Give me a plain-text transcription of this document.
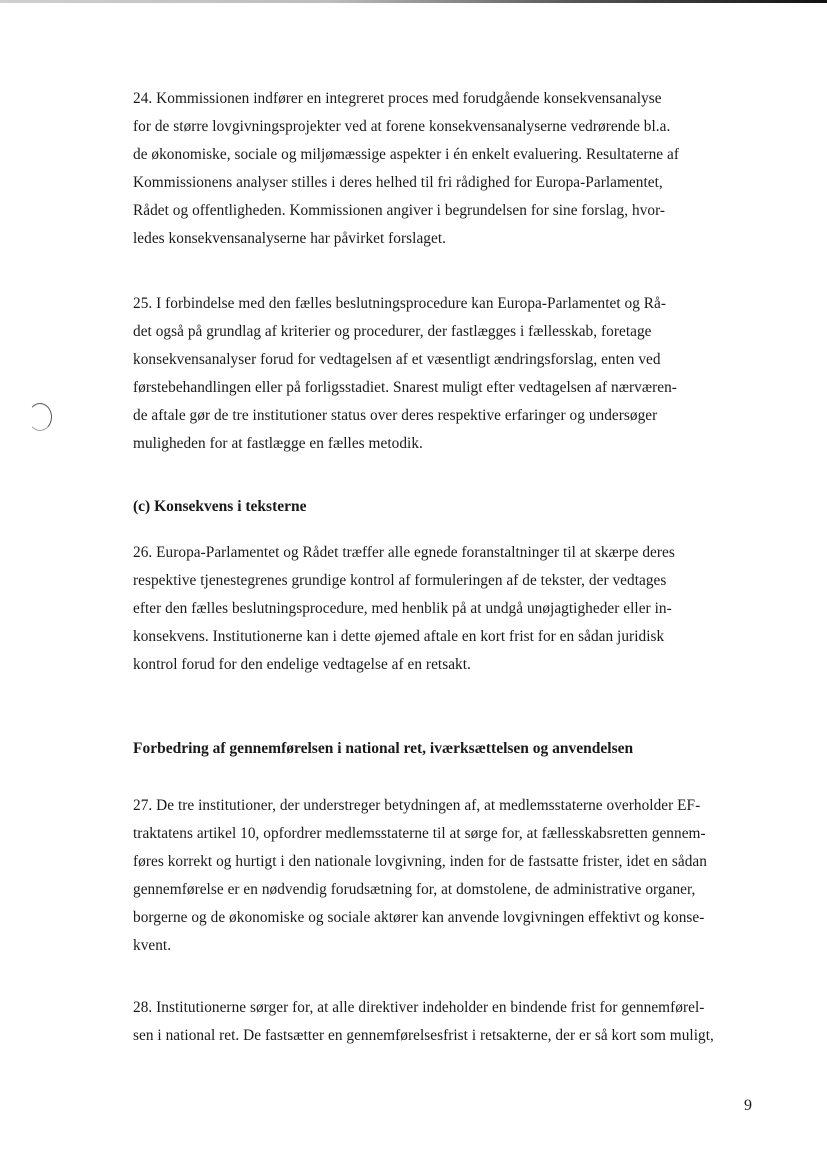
24. Kommissionen indfører en integreret proces med forudgående konsekvensanalyse
for de større lovgivningsprojekter ved at forene konsekvensanalyserne vedrørende bl.a.
de økonomiske, sociale og miljømæssige aspekter i én enkelt evaluering. Resultaterne af
Kommissionens analyser stilles i deres helhed til fri rådighed for Europa-Parlamentet,
Rådet og offentligheden. Kommissionen angiver i begrundelsen for sine forslag, hvor-
ledes konsekvensanalyserne har påvirket forslaget.

25. I forbindelse med den fælles beslutningsprocedure kan Europa-Parlamentet og Rå-
det også på grundlag af kriterier og procedurer, der fastlægges i fællesskab, foretage
konsekvensanalyser forud for vedtagelsen af et væsentligt ændringsforslag, enten ved
førstebehandlingen eller på forligsstadiet. Snarest muligt efter vedtagelsen af nærværen-
de aftale gør de tre institutioner status over deres respektive erfaringer og undersøger
muligheden for at fastlægge en fælles metodik.

(c) Konsekvens i teksterne

26. Europa-Parlamentet og Rådet træffer alle egnede foranstaltninger til at skærpe deres
respektive tjenestegrenes grundige kontrol af formuleringen af de tekster, der vedtages
efter den fælles beslutningsprocedure, med henblik på at undgå unøjagtigheder eller in-
konsekvens. Institutionerne kan i dette øjemed aftale en kort frist for en sådan juridisk
kontrol forud for den endelige vedtagelse af en retsakt.

Forbedring af gennemførelsen i national ret, iværksættelsen og anvendelsen

27. De tre institutioner, der understreger betydningen af, at medlemsstaterne overholder EF-
traktatens artikel 10, opfordrer medlemsstaterne til at sørge for, at fællesskabsretten gennem-
føres korrekt og hurtigt i den nationale lovgivning, inden for de fastsatte frister, idet en sådan
gennemførelse er en nødvendig forudsætning for, at domstolene, de administrative organer,
borgerne og de økonomiske og sociale aktører kan anvende lovgivningen effektivt og konse-
kvent.

28. Institutionerne sørger for, at alle direktiver indeholder en bindende frist for gennemførel-
sen i national ret. De fastsætter en gennemførelsesfrist i retsakterne, der er så kort som muligt,

9
